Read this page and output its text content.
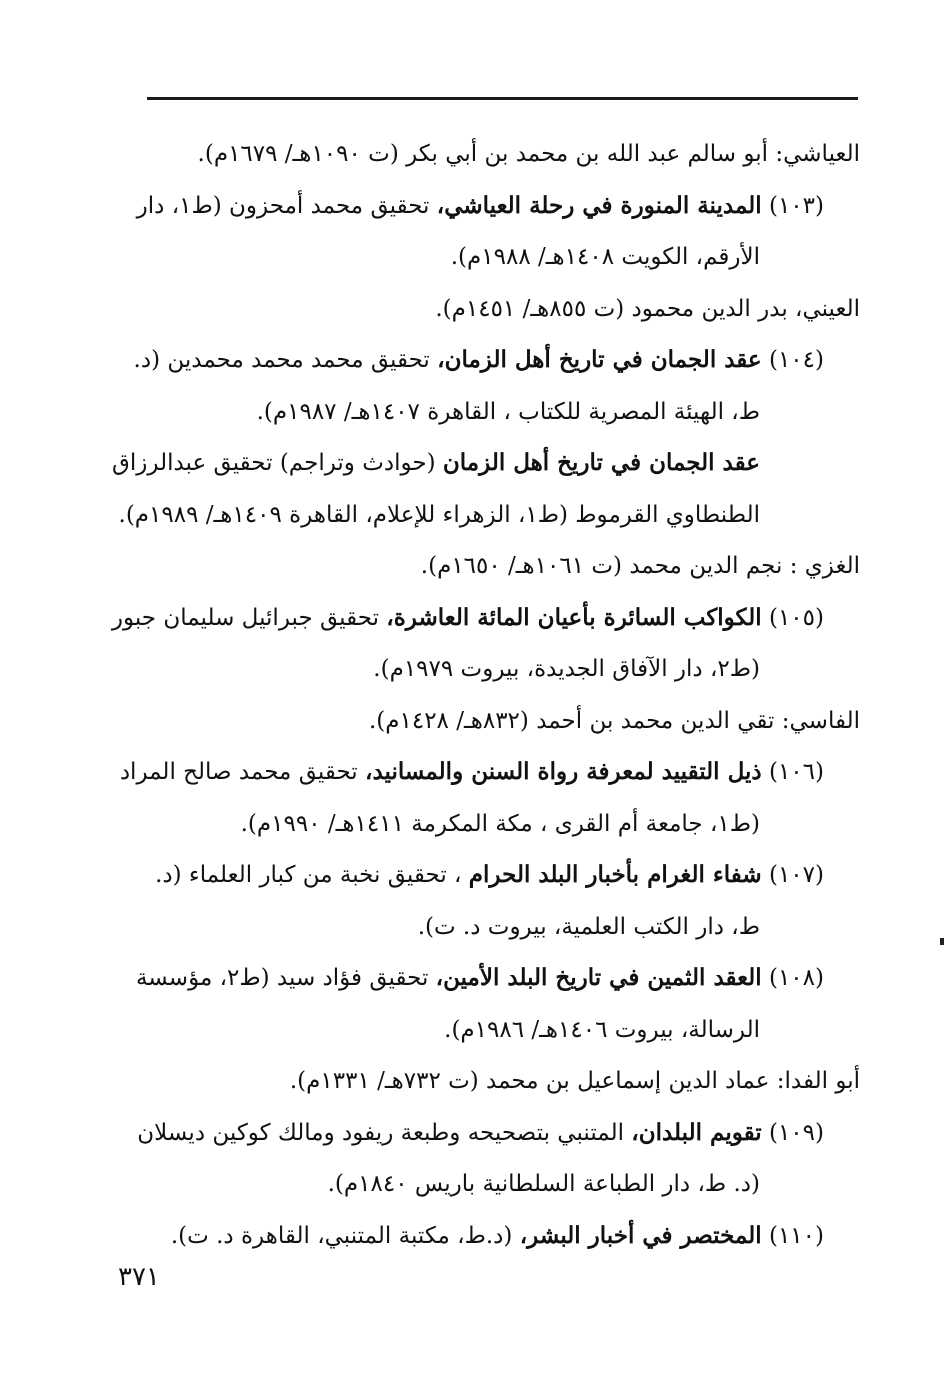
العياشي: أبو سالم عبد الله بن محمد بن أبي بكر (ت ١٠٩٠هـ/ ١٦٧٩م).
(١٠٣) المدينة المنورة في رحلة العياشي، تحقيق محمد أمحزون (ط١، دار
الأرقم، الكويت ١٤٠٨هـ/ ١٩٨٨م).
العيني، بدر الدين محمود (ت ٨٥٥هـ/ ١٤٥١م).
(١٠٤) عقد الجمان في تاريخ أهل الزمان، تحقيق محمد محمد محمدين (د.
ط، الهيئة المصرية للكتاب ، القاهرة ١٤٠٧هـ/ ١٩٨٧م).
عقد الجمان في تاريخ أهل الزمان (حوادث وتراجم) تحقيق عبدالرزاق
الطنطاوي القرموط (ط١، الزهراء للإعلام، القاهرة ١٤٠٩هـ/ ١٩٨٩م).
الغزي : نجم الدين محمد (ت ١٠٦١هـ/ ١٦٥٠م).
(١٠٥) الكواكب السائرة بأعيان المائة العاشرة، تحقيق جبرائيل سليمان جبور
(ط٢، دار الآفاق الجديدة، بيروت ١٩٧٩م).
الفاسي: تقي الدين محمد بن أحمد (٨٣٢هـ/ ١٤٢٨م).
(١٠٦) ذيل التقييد لمعرفة رواة السنن والمسانيد، تحقيق محمد صالح المراد
(ط١، جامعة أم القرى ، مكة المكرمة ١٤١١هـ/ ١٩٩٠م).
(١٠٧) شفاء الغرام بأخبار البلد الحرام ، تحقيق نخبة من كبار العلماء (د.
ط، دار الكتب العلمية، بيروت د. ت).
(١٠٨) العقد الثمين في تاريخ البلد الأمين، تحقيق فؤاد سيد (ط٢، مؤسسة
الرسالة، بيروت ١٤٠٦هـ/ ١٩٨٦م).
أبو الفدا: عماد الدين إسماعيل بن محمد (ت ٧٣٢هـ/ ١٣٣١م).
(١٠٩) تقويم البلدان، المتنبي بتصحيحه وطبعة ريفود ومالك كوكين ديسلان
(د. ط، دار الطباعة السلطانية باريس ١٨٤٠م).
(١١٠) المختصر في أخبار البشر، (د.ط، مكتبة المتنبي، القاهرة د. ت).
٣٧١
